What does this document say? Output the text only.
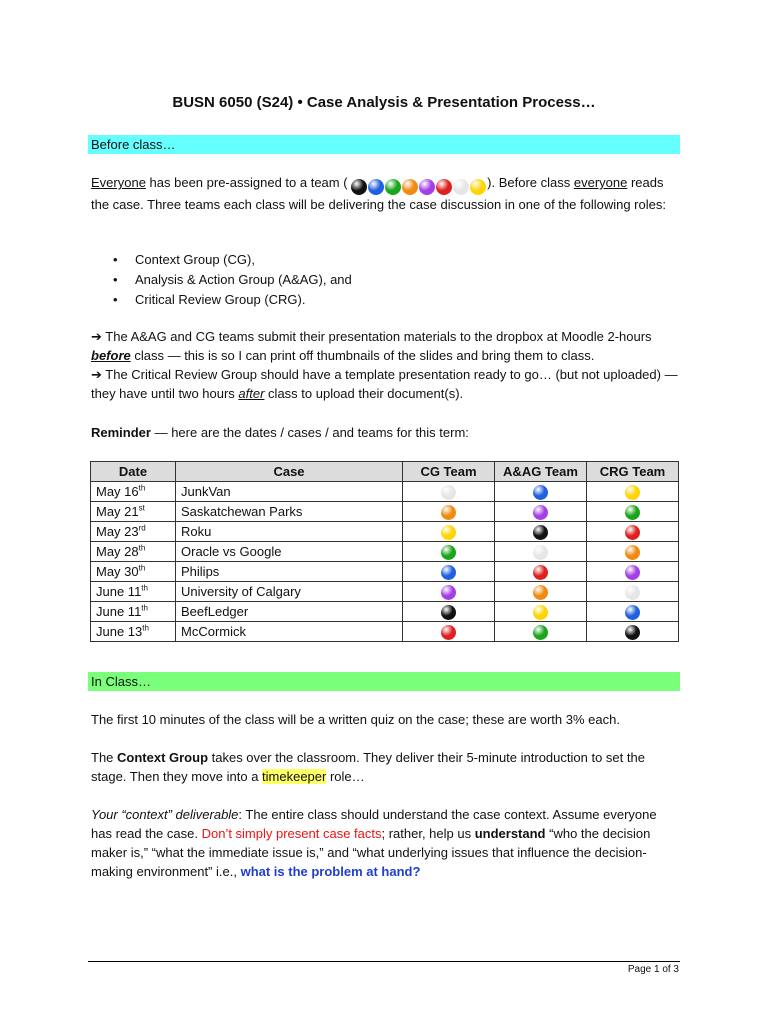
BUSN 6050 (S24) • Case Analysis & Presentation Process…
Before class…
Everyone has been pre-assigned to a team (	). Before class everyone reads the case. Three teams each class will be delivering the case discussion in one of the following roles:
• Context Group (CG),
• Analysis & Action Group (A&AG), and
• Critical Review Group (CRG).
➔ The A&AG and CG teams submit their presentation materials to the dropbox at Moodle 2-hours before class — this is so I can print off thumbnails of the slides and bring them to class.
➔ The Critical Review Group should have a template presentation ready to go… (but not uploaded) — they have until two hours after class to upload their document(s).
Reminder — here are the dates / cases / and teams for this term:
Date	Case	CG Team	A&AG Team	CRG Team
May 16th	JunkVan			
May 21st	Saskatchewan Parks			
May 23rd	Roku			
May 28th	Oracle vs Google			
May 30th	Philips			
June 11th	University of Calgary			
June 11th	BeefLedger			
June 13th	McCormick			
In Class…
The first 10 minutes of the class will be a written quiz on the case; these are worth 3% each.
The Context Group takes over the classroom. They deliver their 5-minute introduction to set the stage. Then they move into a timekeeper role…
Your “context” deliverable: The entire class should understand the case context. Assume everyone has read the case. Don’t simply present case facts; rather, help us understand “who the decision maker is,” “what the immediate issue is,” and “what underlying issues that influence the decision-making environment” i.e., what is the problem at hand?
Page 1 of 3
